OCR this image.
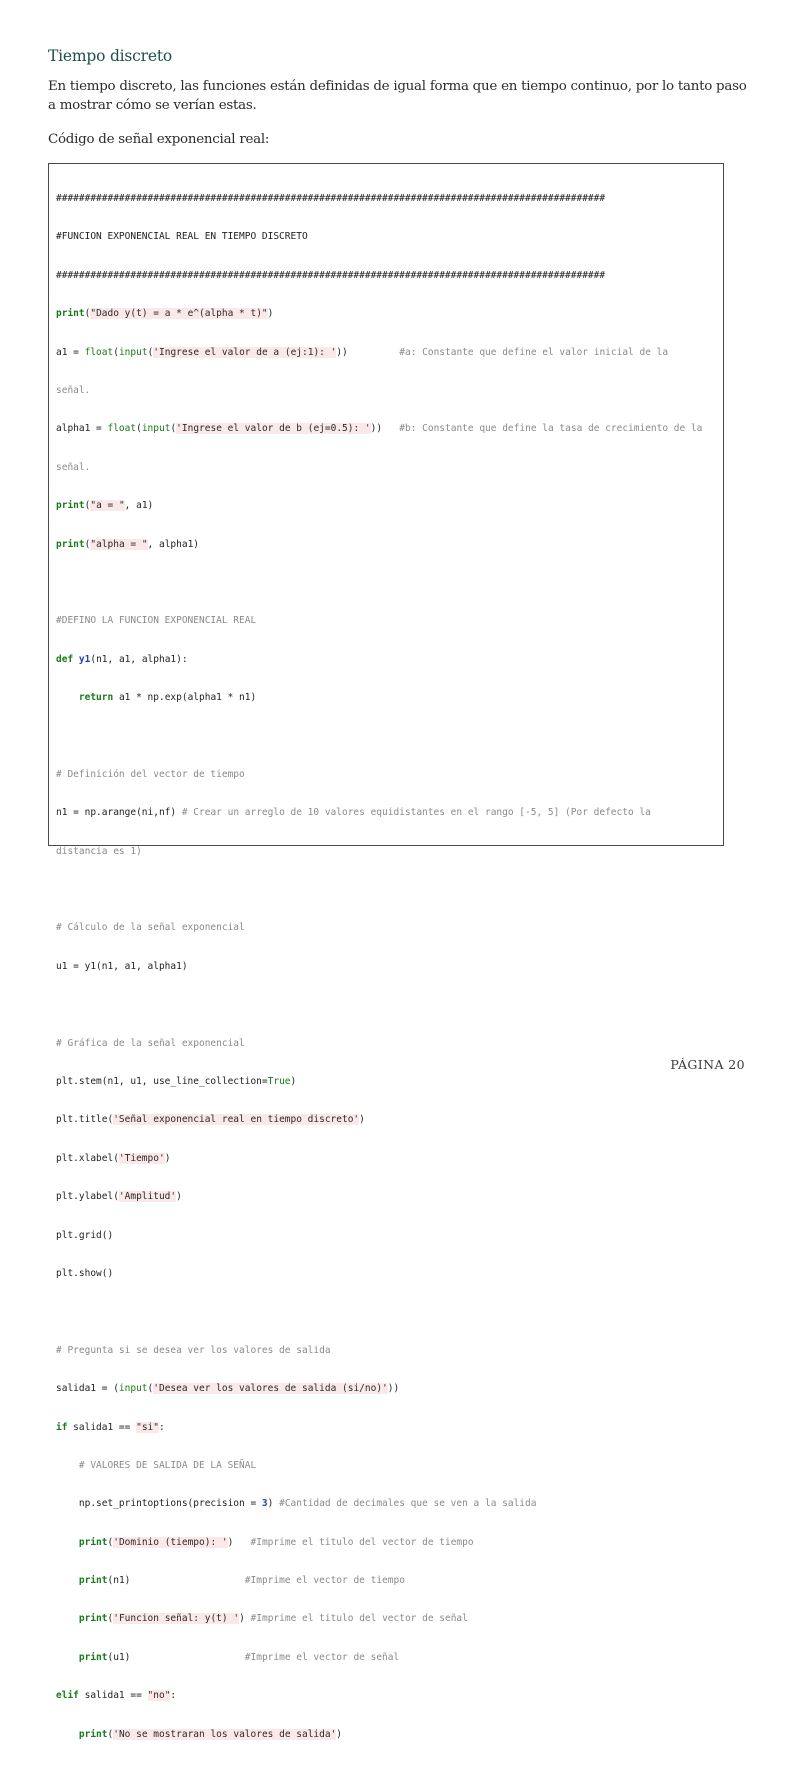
Tiempo discreto

En tiempo discreto, las funciones están definidas de igual forma que en tiempo continuo, por lo tanto paso a mostrar cómo se verían estas.

Código de señal exponencial real:

################################################################################################

#FUNCION EXPONENCIAL REAL EN TIEMPO DISCRETO

################################################################################################

print("Dado y(t) = a * e^(alpha * t)")

a1 = float(input('Ingrese el valor de a (ej:1): '))	#a: Constante que define el valor inicial de la

señal.

alpha1 = float(input('Ingrese el valor de b (ej=0.5): ')) #b: Constante que define la tasa de crecimiento de la

señal.

print("a = ", a1)

print("alpha = ", alpha1)

#DEFINO LA FUNCION EXPONENCIAL REAL

def y1(n1, a1, alpha1):

return a1 * np.exp(alpha1 * n1)

# Definición del vector de tiempo

n1 = np.arange(ni,nf) # Crear un arreglo de 10 valores equidistantes en el rango [-5, 5] (Por defecto la

distancia es 1)

# Cálculo de la señal exponencial

u1 = y1(n1, a1, alpha1)

# Gráfica de la señal exponencial

plt.stem(n1, u1, use_line_collection=True)

plt.title('Señal exponencial real en tiempo discreto')

plt.xlabel('Tiempo')

plt.ylabel('Amplitud')

plt.grid()

plt.show()

# Pregunta si se desea ver los valores de salida

salida1 = (input('Desea ver los valores de salida (si/no)'))

if salida1 == "si":

# VALORES DE SALIDA DE LA SEÑAL

np.set_printoptions(precision = 3) #Cantidad de decimales que se ven a la salida

print('Dominio (tiempo): ')   #Imprime el titulo del vector de tiempo

print(n1)                    #Imprime el vector de tiempo

print('Funcion señal: y(t) ') #Imprime el titulo del vector de señal

print(u1)                    #Imprime el vector de señal

elif salida1 == "no":

print('No se mostraran los valores de salida')

PÁGINA 20
